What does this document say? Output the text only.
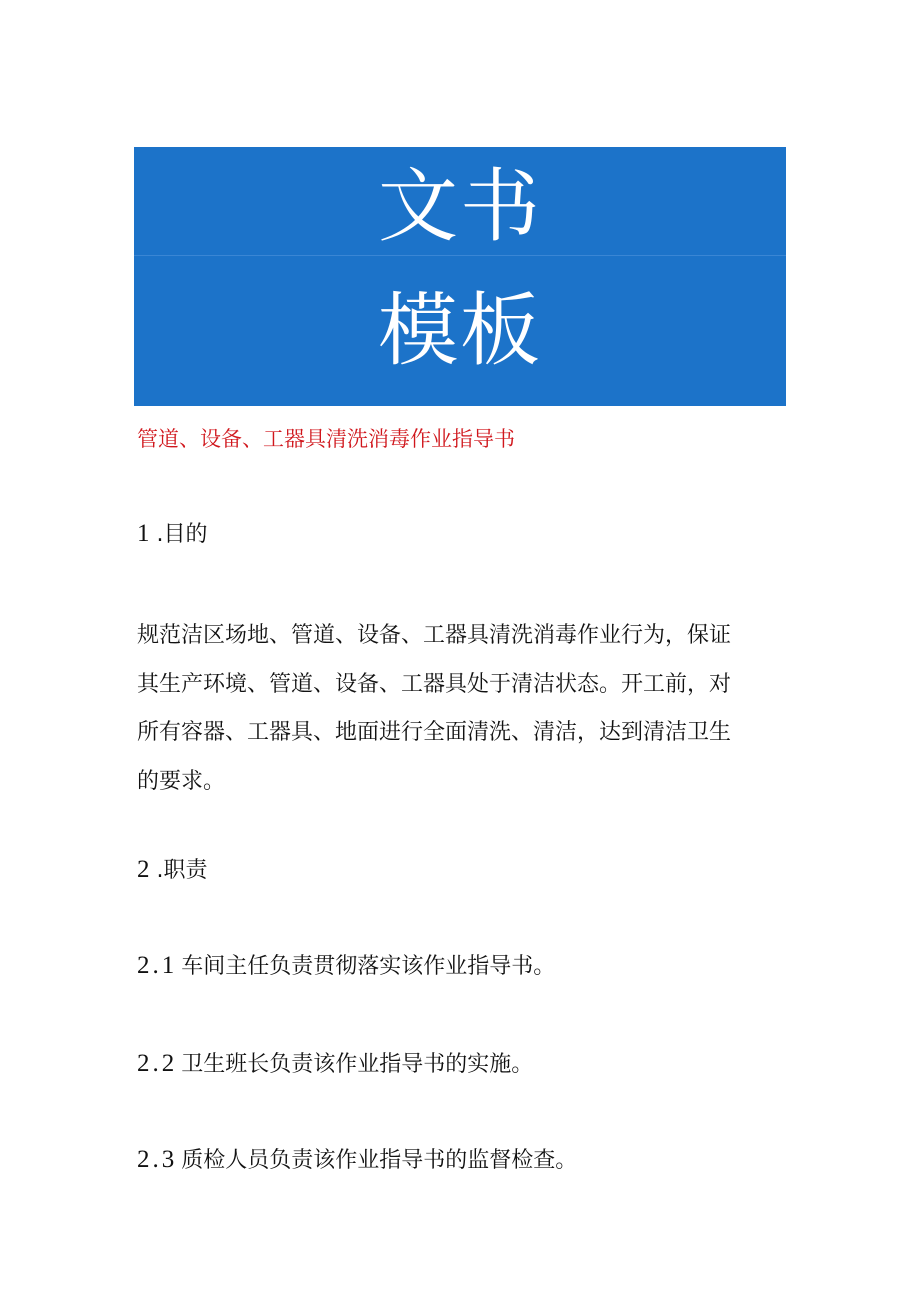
文书
模板
管道、设备、工器具清洗消毒作业指导书
1 .目的
规范洁区场地、管道、设备、工器具清洗消毒作业行为，保证
其生产环境、管道、设备、工器具处于清洁状态。开工前，对
所有容器、工器具、地面进行全面清洗、清洁，达到清洁卫生
的要求。
2 .职责
2.1 车间主任负责贯彻落实该作业指导书。
2.2 卫生班长负责该作业指导书的实施。
2.3 质检人员负责该作业指导书的监督检查。
